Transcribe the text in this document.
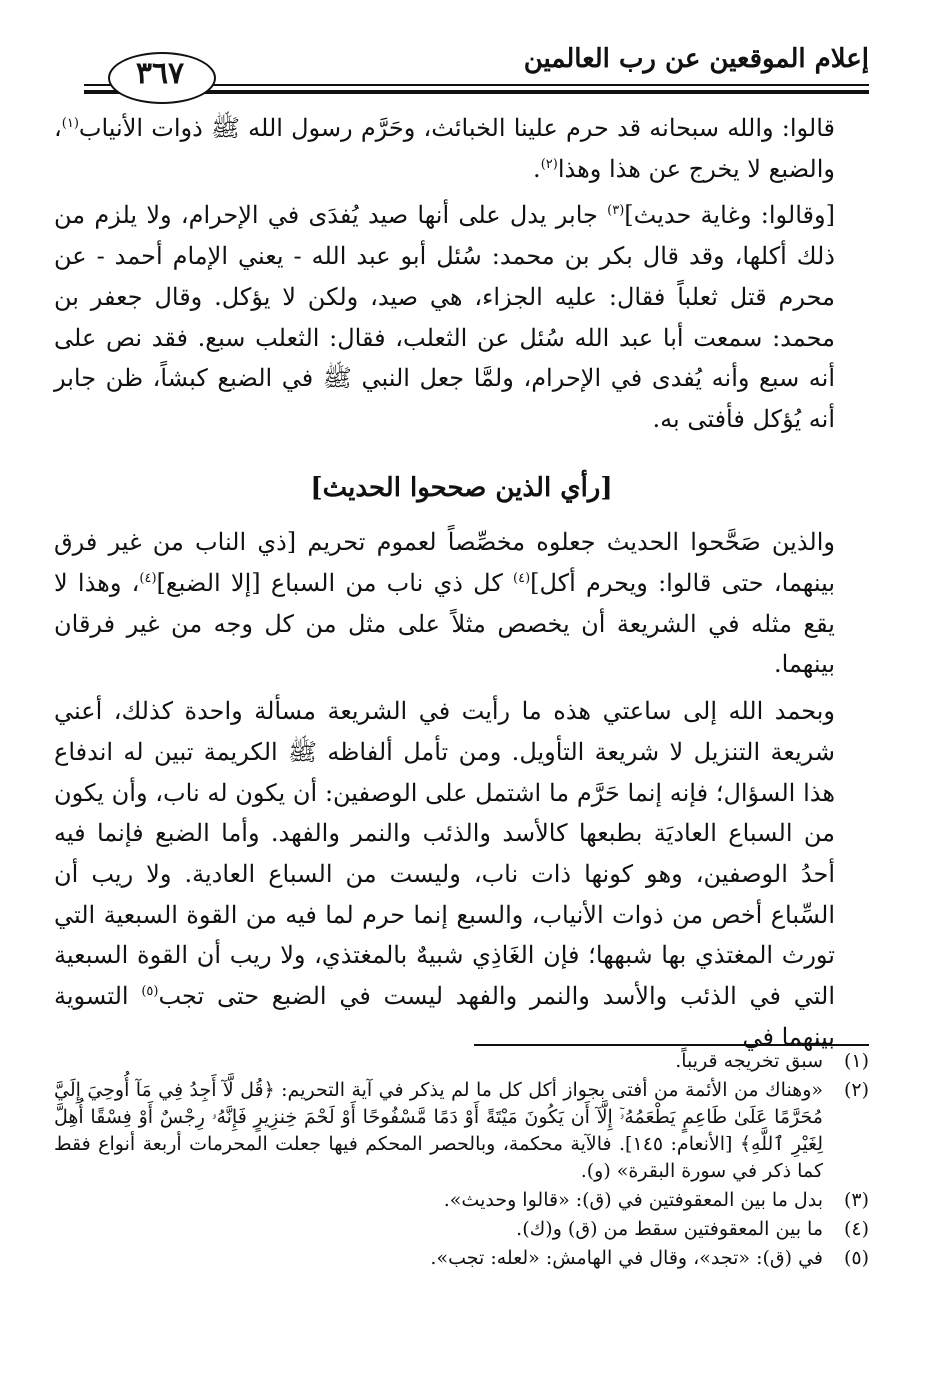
إعلام الموقعين عن رب العالمين
٣٦٧

قالوا: والله سبحانه قد حرم علينا الخبائث، وحَرَّم رسول الله ﷺ ذوات الأنياب$^{(١)}$، والضبع لا يخرج عن هذا وهذا$^{(٢)}$.

[وقالوا: وغاية حديث]$^{(٣)}$ جابر يدل على أنها صيد يُفدَى في الإحرام، ولا يلزم من ذلك أكلها، وقد قال بكر بن محمد: سُئل أبو عبد الله - يعني الإمام أحمد - عن محرم قتل ثعلباً فقال: عليه الجزاء، هي صيد، ولكن لا يؤكل. وقال جعفر بن محمد: سمعت أبا عبد الله سُئل عن الثعلب، فقال: الثعلب سبع. فقد نص على أنه سبع وأنه يُفدى في الإحرام، ولمَّا جعل النبي ﷺ في الضبع كبشاً، ظن جابر أنه يُؤكل فأفتى به.

[رأي الذين صححوا الحديث]

والذين صَحَّحوا الحديث جعلوه مخصِّصاً لعموم تحريم [ذي الناب من غير فرق بينهما، حتى قالوا: ويحرم أكل]$^{(٤)}$ كل ذي ناب من السباع [إلا الضبع]$^{(٤)}$، وهذا لا يقع مثله في الشريعة أن يخصص مثلاً على مثل من كل وجه من غير فرقان بينهما.

وبحمد الله إلى ساعتي هذه ما رأيت في الشريعة مسألة واحدة كذلك، أعني شريعة التنزيل لا شريعة التأويل. ومن تأمل ألفاظه ﷺ الكريمة تبين له اندفاع هذا السؤال؛ فإنه إنما حَرَّم ما اشتمل على الوصفين: أن يكون له ناب، وأن يكون من السباع العاديَة بطبعها كالأسد والذئب والنمر والفهد. وأما الضبع فإنما فيه أحدُ الوصفين، وهو كونها ذات ناب، وليست من السباع العادية. ولا ريب أن السِّباع أخص من ذوات الأنياب، والسبع إنما حرم لما فيه من القوة السبعية التي تورث المغتذي بها شبهها؛ فإن الغَاذِي شبيهٌ بالمغتذي، ولا ريب أن القوة السبعية التي في الذئب والأسد والنمر والفهد ليست في الضبع حتى تجب$^{(٥)}$ التسوية بينهما في

(١)
سبق تخريجه قريباً.
(٢)
«وهناك من الأئمة من أفتى بجواز أكل كل ما لم يذكر في آية التحريم: ﴿قُل لَّآ أَجِدُ فِي مَآ أُوحِيَ إِلَيَّ مُحَرَّمًا عَلَىٰ طَاعِمٍ يَطْعَمُهُۥٓ إِلَّآ أَن يَكُونَ مَيْتَةً أَوْ دَمًا مَّسْفُوحًا أَوْ لَحْمَ خِنزِيرٍ فَإِنَّهُۥ رِجْسٌ أَوْ فِسْقًا أُهِلَّ لِغَيْرِ ٱللَّهِ﴾ [الأنعام: ١٤٥]. فالآية محكمة، وبالحصر المحكم فيها جعلت المحرمات أربعة أنواع فقط كما ذكر في سورة البقرة» (و).
(٣)
بدل ما بين المعقوفتين في (ق): «قالوا وحديث».
(٤)
ما بين المعقوفتين سقط من (ق) و(ك).
(٥)
في (ق): «تجد»، وقال في الهامش: «لعله: تجب».
